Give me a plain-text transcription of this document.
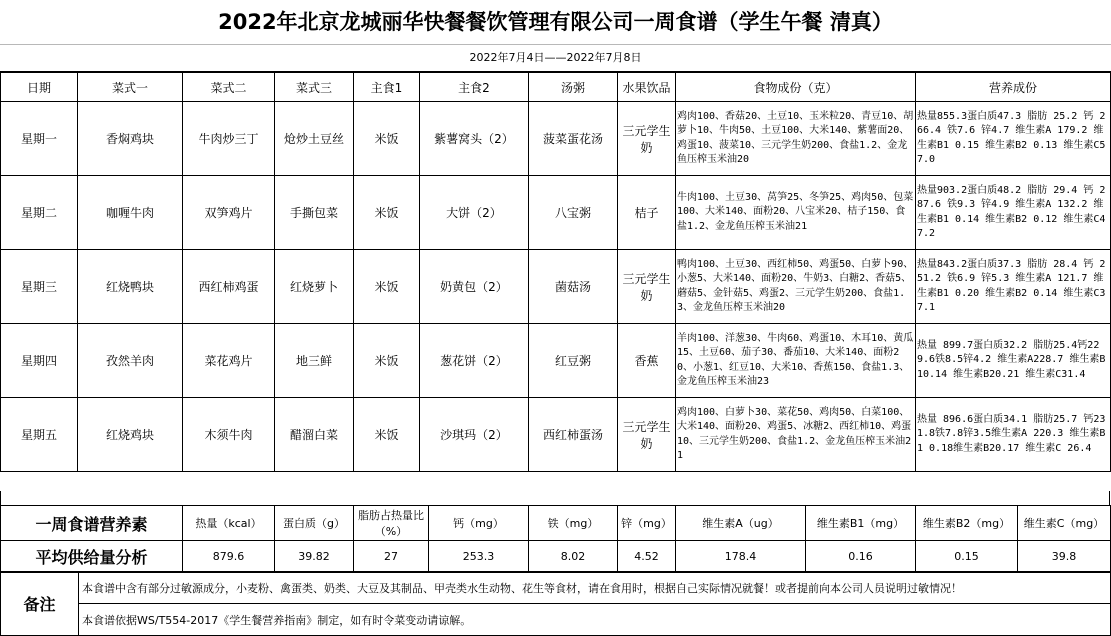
2022年北京龙城丽华快餐餐饮管理有限公司一周食谱（学生午餐 清真）
2022年7月4日——2022年7月8日
日期	菜式一	菜式二	菜式三	主食1	主食2	汤粥	水果饮品	食物成份（克）	营养成份
星期一	香焖鸡块	牛肉炒三丁	炝炒土豆丝	米饭	紫薯窝头（2）	菠菜蛋花汤	三元学生奶	鸡肉100、香菇20、土豆10、玉米粒20、青豆10、胡萝卜10、牛肉50、土豆100、大米140、紫薯面20、鸡蛋10、菠菜10、三元学生奶200、食盐1.2、金龙鱼压榨玉米油20	热量855.3蛋白质47.3 脂肪 25.2 钙 266.4 铁7.6 锌4.7 维生素A 179.2 维生素B1 0.15 维生素B2 0.13 维生素C57.0
星期二	咖喱牛肉	双笋鸡片	手撕包菜	米饭	大饼（2）	八宝粥	桔子	牛肉100、土豆30、莴笋25、冬笋25、鸡肉50、包菜100、大米140、面粉20、八宝米20、桔子150、食盐1.2、金龙鱼压榨玉米油21	热量903.2蛋白质48.2 脂肪 29.4 钙 287.6 铁9.3 锌4.9 维生素A 132.2 维生素B1 0.14 维生素B2 0.12 维生素C47.2
星期三	红烧鸭块	西红柿鸡蛋	红烧萝卜	米饭	奶黄包（2）	菌菇汤	三元学生奶	鸭肉100、土豆30、西红柿50、鸡蛋50、白萝卜90、小葱5、大米140、面粉20、牛奶3、白糖2、香菇5、蘑菇5、金针菇5、鸡蛋2、三元学生奶200、食盐1.3、金龙鱼压榨玉米油20	热量843.2蛋白质37.3 脂肪 28.4 钙 251.2 铁6.9 锌5.3 维生素A 121.7 维生素B1 0.20 维生素B2 0.14 维生素C37.1
星期四	孜然羊肉	菜花鸡片	地三鲜	米饭	葱花饼（2）	红豆粥	香蕉	羊肉100、洋葱30、牛肉60、鸡蛋10、木耳10、黄瓜15、土豆60、茄子30、番茄10、大米140、面粉20、小葱1、红豆10、大米10、香蕉150、食盐1.3、金龙鱼压榨玉米油23	热量 899.7蛋白质32.2 脂肪25.4钙229.6铁8.5锌4.2 维生素A228.7 维生素B10.14 维生素B20.21 维生素C31.4
星期五	红烧鸡块	木须牛肉	醋溜白菜	米饭	沙琪玛（2）	西红柿蛋汤	三元学生奶	鸡肉100、白萝卜30、菜花50、鸡肉50、白菜100、大米140、面粉20、鸡蛋5、冰糖2、西红柿10、鸡蛋10、三元学生奶200、食盐1.2、金龙鱼压榨玉米油21	热量 896.6蛋白质34.1 脂肪25.7 钙231.8铁7.8锌3.5维生素A 220.3 维生素B1 0.18维生素B20.17 维生素C 26.4
一周食谱营养素	热量（kcal）	蛋白质（g）	脂肪占热量比（%）	钙（mg）	铁（mg）	锌（mg）	维生素A（ug）	维生素B1（mg）	维生素B2（mg）	维生素C（mg）
平均供给量分析	879.6	39.82	27	253.3	8.02	4.52	178.4	0.16	0.15	39.8
备注	本食谱中含有部分过敏源成分，小麦粉、禽蛋类、奶类、大豆及其制品、甲壳类水生动物、花生等食材，请在食用时，根据自己实际情况就餐！或者提前向本公司人员说明过敏情况！
本食谱依据WS/T554-2017《学生餐营养指南》制定，如有时令菜变动请谅解。
